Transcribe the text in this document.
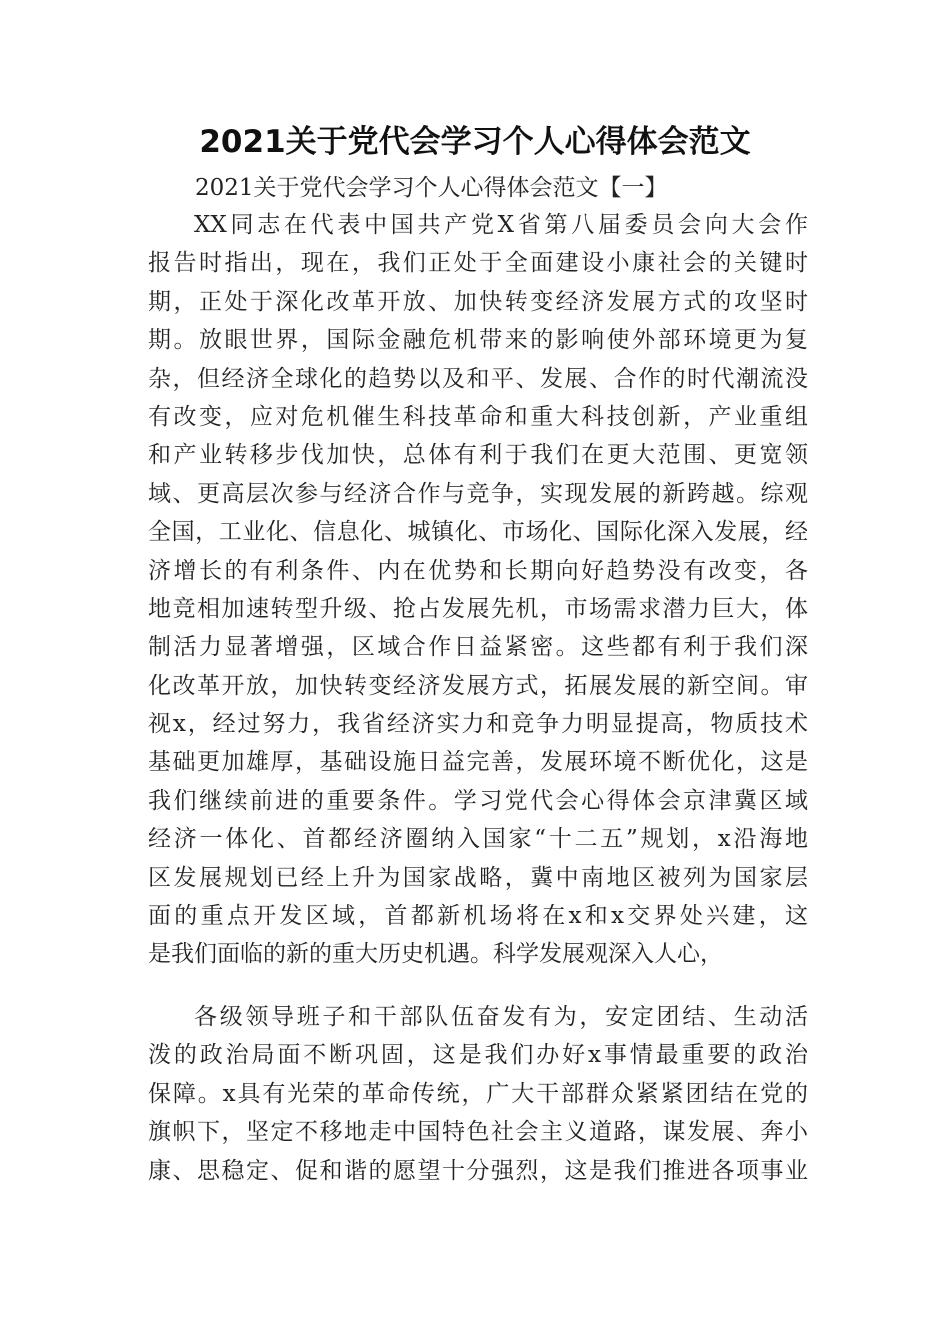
2021关于党代会学习个人心得体会范文
2021关于党代会学习个人心得体会范文【一】
XX同志在代表中国共产党X省第八届委员会向大会作
报告时指出，现在，我们正处于全面建设小康社会的关键时
期，正处于深化改革开放、加快转变经济发展方式的攻坚时
期。放眼世界，国际金融危机带来的影响使外部环境更为复
杂，但经济全球化的趋势以及和平、发展、合作的时代潮流没
有改变，应对危机催生科技革命和重大科技创新，产业重组
和产业转移步伐加快，总体有利于我们在更大范围、更宽领
域、更高层次参与经济合作与竞争，实现发展的新跨越。综观
全国，工业化、信息化、城镇化、市场化、国际化深入发展，经
济增长的有利条件、内在优势和长期向好趋势没有改变，各
地竞相加速转型升级、抢占发展先机，市场需求潜力巨大，体
制活力显著增强，区域合作日益紧密。这些都有利于我们深
化改革开放，加快转变经济发展方式，拓展发展的新空间。审
视x，经过努力，我省经济实力和竞争力明显提高，物质技术
基础更加雄厚，基础设施日益完善，发展环境不断优化，这是
我们继续前进的重要条件。学习党代会心得体会京津冀区域
经济一体化、首都经济圈纳入国家“十二五”规划，x沿海地
区发展规划已经上升为国家战略，冀中南地区被列为国家层
面的重点开发区域，首都新机场将在x和x交界处兴建，这
是我们面临的新的重大历史机遇。科学发展观深入人心，
各级领导班子和干部队伍奋发有为，安定团结、生动活
泼的政治局面不断巩固，这是我们办好x事情最重要的政治
保障。x具有光荣的革命传统，广大干部群众紧紧团结在党的
旗帜下，坚定不移地走中国特色社会主义道路，谋发展、奔小
康、思稳定、促和谐的愿望十分强烈，这是我们推进各项事业
